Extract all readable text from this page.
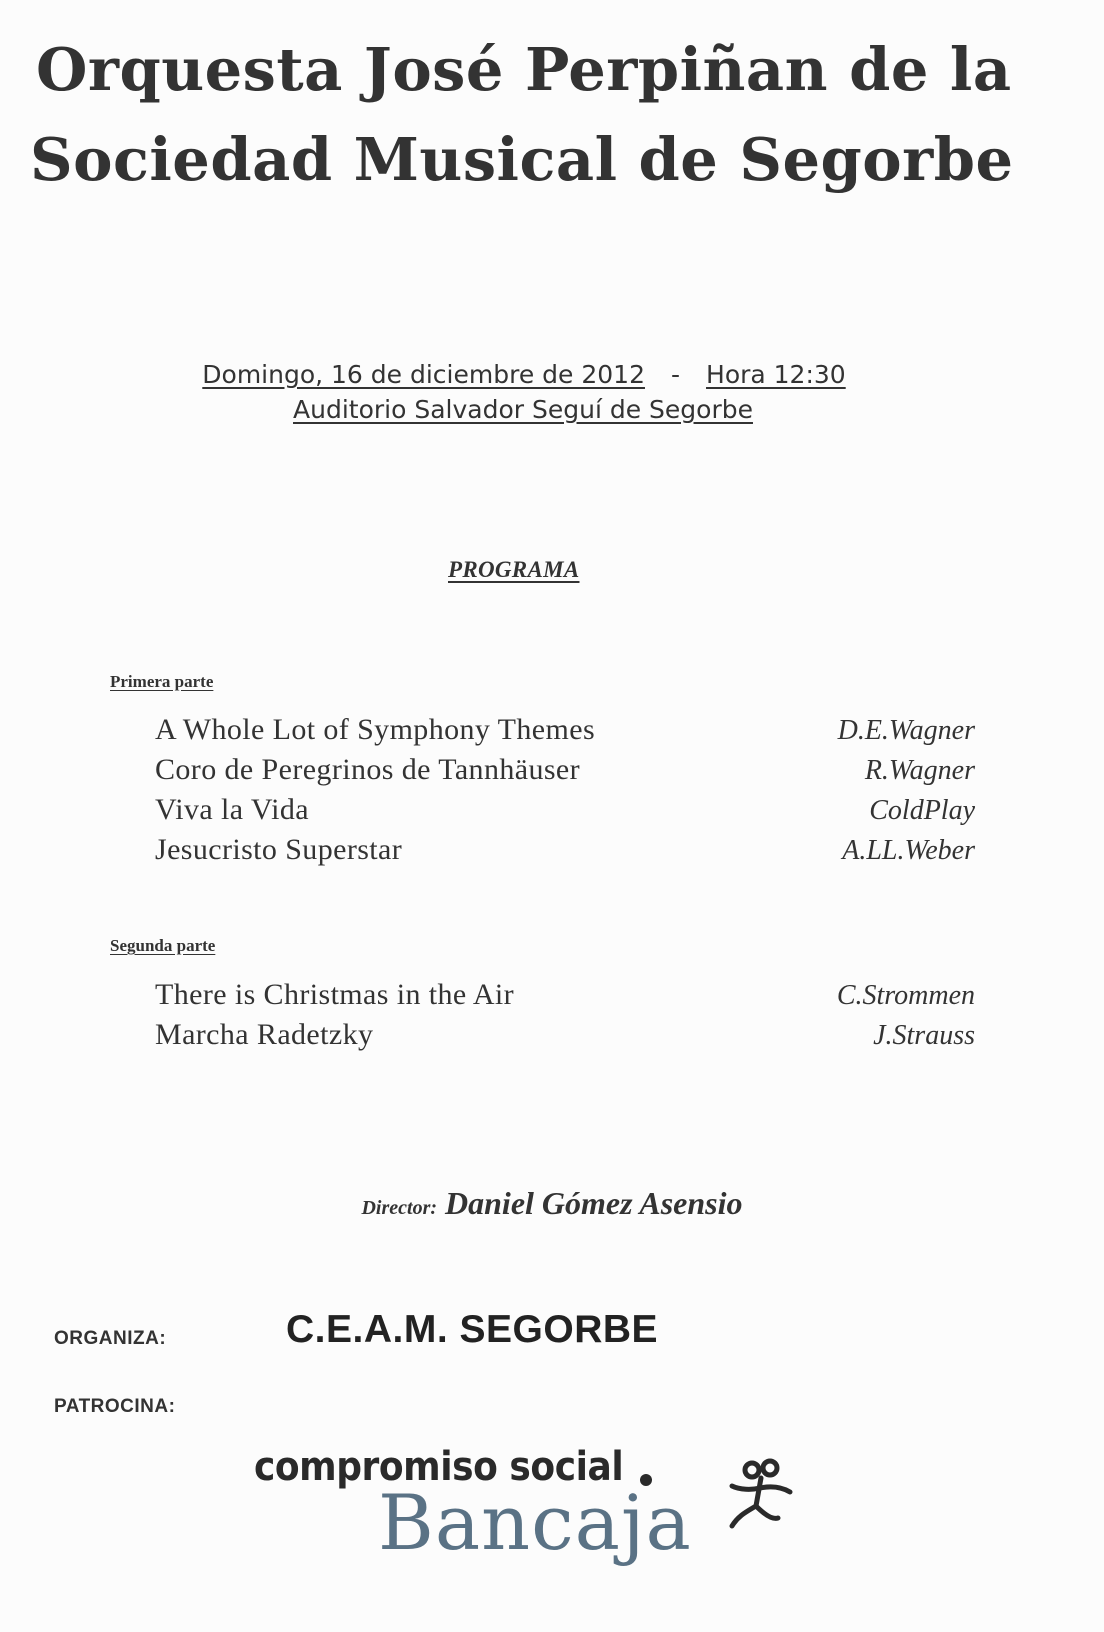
Orquesta José Perpiñan de la
Sociedad Musical de Segorbe
Domingo, 16 de diciembre de 2012 - Hora 12:30
Auditorio Salvador Seguí de Segorbe
PROGRAMA
Primera parte
A Whole Lot of Symphony Themes	D.E.Wagner
Coro de Peregrinos de Tannhäuser	R.Wagner
Viva la Vida	ColdPlay
Jesucristo Superstar	A.LL.Weber
Segunda parte
There is Christmas in the Air	C.Strommen
Marcha Radetzky	J.Strauss
Director: Daniel Gómez Asensio
ORGANIZA:	C.E.A.M. SEGORBE
PATROCINA:
compromiso social
Bancaja
